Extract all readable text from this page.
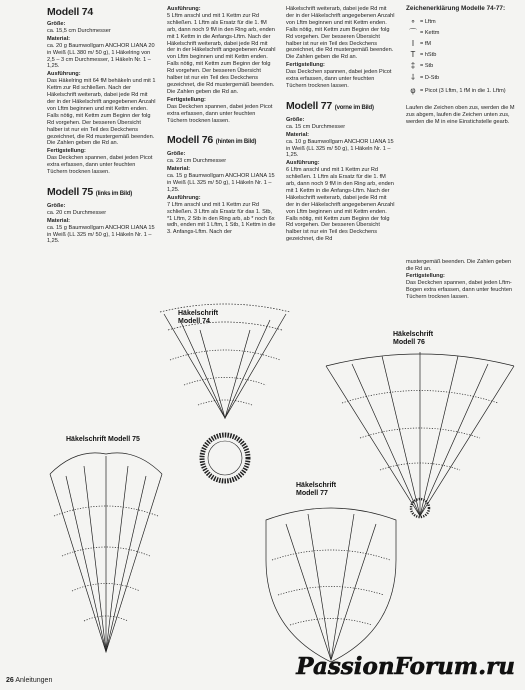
Modell 74
Größe:
ca. 15,5 cm Durchmesser
Material:
ca. 20 g Baumwollgarn ANCHOR LIANA 20 in Weiß (LL 380 m/ 50 g), 1 Häkelring von 2,5 – 3 cm Durchmesser, 1 Häkeln Nr. 1 – 1,25.
Ausführung:
Das Häkelring mit 64 fM behäkeln und mit 1 Kettm zur Rd schließen. Nach der Häkelschrift weiterarb, dabei jede Rd mit der in der Häkelschrift angegebenen Anzahl von Lftm beginnen und mit Kettm enden. Falls nötig, mit Kettm zum Beginn der folg Rd vorgehen. Der besseren Übersicht halber ist nur ein Teil des Deckchens gezeichnet, die Rd mustergemäß beenden. Die Zahlen geben die Rd an.
Fertigstellung:
Das Deckchen spannen, dabei jeden Picot extra erfassen, dann unter feuchten Tüchern trocknen lassen.
Modell 75 (links im Bild)
Größe:
ca. 20 cm Durchmesser
Material:
ca. 15 g Baumwollgarn ANCHOR LIANA 15 in Weiß (LL 325 m/ 50 g), 1 Häkeln Nr. 1 – 1,25.
Ausführung:
5 Lftm anschl und mit 1 Kettm zur Rd schließen. 1 Lftm als Ersatz für die 1. fM arb, dann noch 9 fM in den Ring arb, enden mit 1 Kettm in die Anfangs-Lftm. Nach der Häkelschrift weiterarb, dabei jede Rd mit der in der Häkelschrift angegebenen Anzahl von Lftm beginnen und mit Kettm enden. Falls nötig, mit Kettm zum Beginn der folg Rd vorgehen. Der besseren Übersicht halber ist nur ein Teil des Deckchens gezeichnet, die Rd mustergemäß beenden. Die Zahlen geben die Rd an.
Fertigstellung:
Das Deckchen spannen, dabei jeden Picot extra erfassen, dann unter feuchten Tüchern trocknen lassen.
Modell 76 (hinten im Bild)
Größe:
ca. 23 cm Durchmesser
Material:
ca. 15 g Baumwollgarn ANCHOR LIANA 15 in Weiß (LL 325 m/ 50 g), 1 Häkeln Nr. 1 – 1,25.
Ausführung:
7 Lftm anschl und mit 1 Kettm zur Rd schließen. 3 Lftm als Ersatz für das 1. Stb, *1 Lftm, 2 Stb in den Ring arb, ab * noch 6x wdh, enden mit 1 Lftm, 1 Stb, 1 Kettm in die 3. Anfangs-Lftm. Nach der
Häkelschrift weiterarb, dabei jede Rd mit der in der Häkelschrift angegebenen Anzahl von Lftm beginnen und mit Kettm enden. Falls nötig, mit Kettm zum Beginn der folg Rd vorgehen. Der besseren Übersicht halber ist nur ein Teil des Deckchens gezeichnet, die Rd mustergemäß beenden. Die Zahlen geben die Rd an.
Fertigstellung:
Das Deckchen spannen, dabei jeden Picot extra erfassen, dann unter feuchten Tüchern trocknen lassen.
Modell 77 (vorne im Bild)
Größe:
ca. 15 cm Durchmesser
Material:
ca. 10 g Baumwollgarn ANCHOR LIANA 15 in Weiß (LL 325 m/ 50 g), 1 Häkeln Nr. 1 – 1,25.
Ausführung:
6 Lftm anschl und mit 1 Kettm zur Rd schließen. 1 Lftm als Ersatz für die 1. fM arb, dann noch 9 fM in den Ring arb, enden mit 1 Kettm in die Anfangs-Lftm. Nach der Häkelschrift weiterarb, dabei jede Rd mit der in der Häkelschrift angegebenen Anzahl von Lftm beginnen und mit Kettm enden. Falls nötig, mit Kettm zum Beginn der folg Rd vorgehen. Der besseren Übersicht halber ist nur ein Teil des Deckchens gezeichnet, die Rd
Zeichenerklärung Modelle 74-77:
∘ = Lftm
⌒ = Kettm
I	= fM
T = hStb
‡ = Stb
⸸ = D-Stb
φ = Picot (3 Lftm, 1 fM in die 1. Lftm)
Laufen die Zeichen oben zus, werden die M zus abgem, laufen die Zeichen unten zus, werden die M in eine Einstichstelle gearb.
mustergemäß beenden. Die Zahlen geben die Rd an.
Fertigstellung:
Das Deckchen spannen, dabei jeden Lftm-Bogen extra erfassen, dann unter feuchten Tüchern trocknen lassen.
Häkelschrift
Modell 74
Häkelschrift Modell 75
Häkelschrift
Modell 76
Häkelschrift
Modell 77
26 Anleitungen
PassionForum.ru
